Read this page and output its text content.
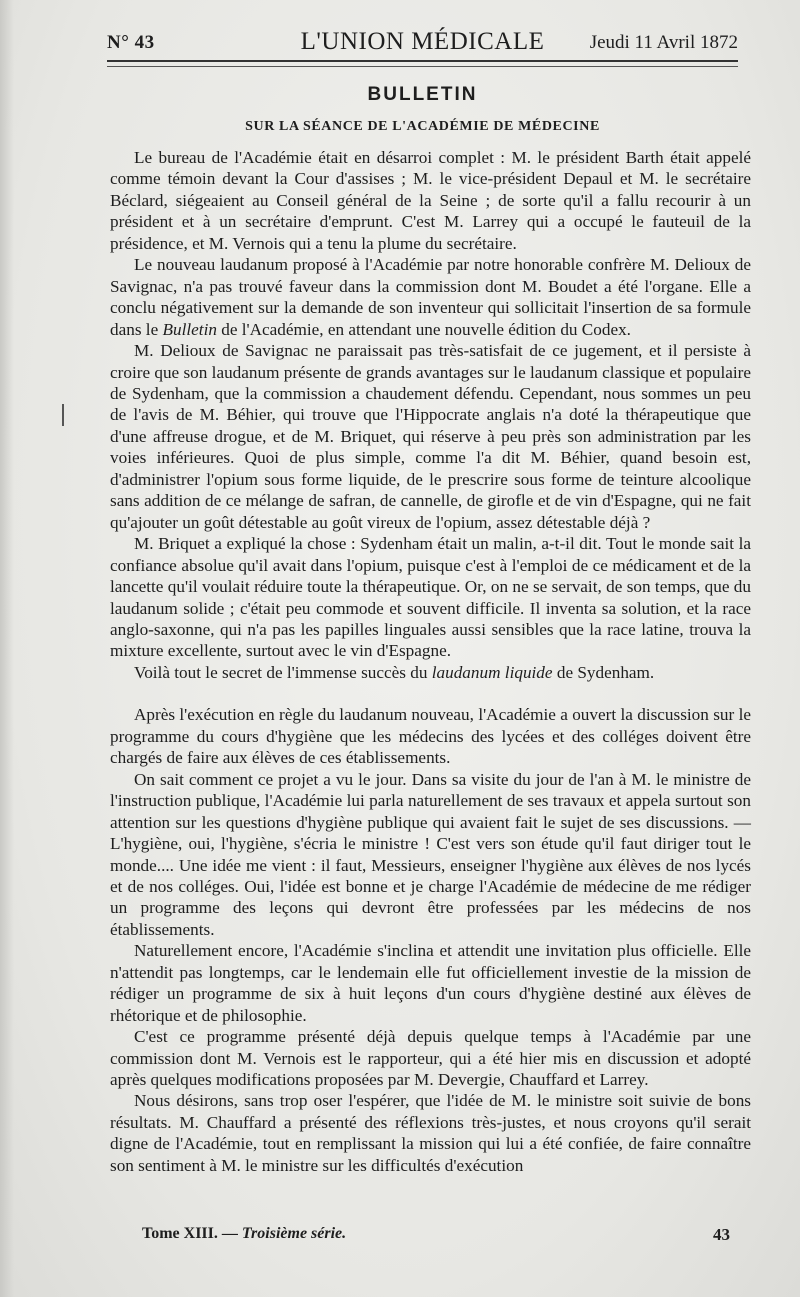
N° 43	L'UNION MÉDICALE	Jeudi 11 Avril 1872
BULLETIN
SUR LA SÉANCE DE L'ACADÉMIE DE MÉDECINE

Le bureau de l'Académie était en désarroi complet : M. le président Barth était appelé comme témoin devant la Cour d'assises ; M. le vice-président Depaul et M. le secrétaire Béclard, siégeaient au Conseil général de la Seine ; de sorte qu'il a fallu recourir à un président et à un secrétaire d'emprunt. C'est M. Larrey qui a occupé le fauteuil de la présidence, et M. Vernois qui a tenu la plume du secrétaire.

Le nouveau laudanum proposé à l'Académie par notre honorable confrère M. Delioux de Savignac, n'a pas trouvé faveur dans la commission dont M. Boudet a été l'organe. Elle a conclu négativement sur la demande de son inventeur qui sollicitait l'insertion de sa formule dans le Bulletin de l'Académie, en attendant une nouvelle édition du Codex.

M. Delioux de Savignac ne paraissait pas très-satisfait de ce jugement, et il persiste à croire que son laudanum présente de grands avantages sur le laudanum classique et populaire de Sydenham, que la commission a chaudement défendu. Cependant, nous sommes un peu de l'avis de M. Béhier, qui trouve que l'Hippocrate anglais n'a doté la thérapeutique que d'une affreuse drogue, et de M. Briquet, qui réserve à peu près son administration par les voies inférieures. Quoi de plus simple, comme l'a dit M. Béhier, quand besoin est, d'administrer l'opium sous forme liquide, de le prescrire sous forme de teinture alcoolique sans addition de ce mélange de safran, de cannelle, de girofle et de vin d'Espagne, qui ne fait qu'ajouter un goût détestable au goût vireux de l'opium, assez détestable déjà ?

M. Briquet a expliqué la chose : Sydenham était un malin, a-t-il dit. Tout le monde sait la confiance absolue qu'il avait dans l'opium, puisque c'est à l'emploi de ce médicament et de la lancette qu'il voulait réduire toute la thérapeutique. Or, on ne se servait, de son temps, que du laudanum solide ; c'était peu commode et souvent difficile. Il inventa sa solution, et la race anglo-saxonne, qui n'a pas les papilles linguales aussi sensibles que la race latine, trouva la mixture excellente, surtout avec le vin d'Espagne.

Voilà tout le secret de l'immense succès du laudanum liquide de Sydenham.

Après l'exécution en règle du laudanum nouveau, l'Académie a ouvert la discussion sur le programme du cours d'hygiène que les médecins des lycées et des colléges doivent être chargés de faire aux élèves de ces établissements.

On sait comment ce projet a vu le jour. Dans sa visite du jour de l'an à M. le ministre de l'instruction publique, l'Académie lui parla naturellement de ses travaux et appela surtout son attention sur les questions d'hygiène publique qui avaient fait le sujet de ses discussions. — L'hygiène, oui, l'hygiène, s'écria le ministre ! C'est vers son étude qu'il faut diriger tout le monde.... Une idée me vient : il faut, Messieurs, enseigner l'hygiène aux élèves de nos lycés et de nos colléges. Oui, l'idée est bonne et je charge l'Académie de médecine de me rédiger un programme des leçons qui devront être professées par les médecins de nos établissements.

Naturellement encore, l'Académie s'inclina et attendit une invitation plus officielle. Elle n'attendit pas longtemps, car le lendemain elle fut officiellement investie de la mission de rédiger un programme de six à huit leçons d'un cours d'hygiène destiné aux élèves de rhétorique et de philosophie.

C'est ce programme présenté déjà depuis quelque temps à l'Académie par une commission dont M. Vernois est le rapporteur, qui a été hier mis en discussion et adopté après quelques modifications proposées par M. Devergie, Chauffard et Larrey.

Nous désirons, sans trop oser l'espérer, que l'idée de M. le ministre soit suivie de bons résultats. M. Chauffard a présenté des réflexions très-justes, et nous croyons qu'il serait digne de l'Académie, tout en remplissant la mission qui lui a été confiée, de faire connaître son sentiment à M. le ministre sur les difficultés d'exécution

Tome XIII. — Troisième série.	43
